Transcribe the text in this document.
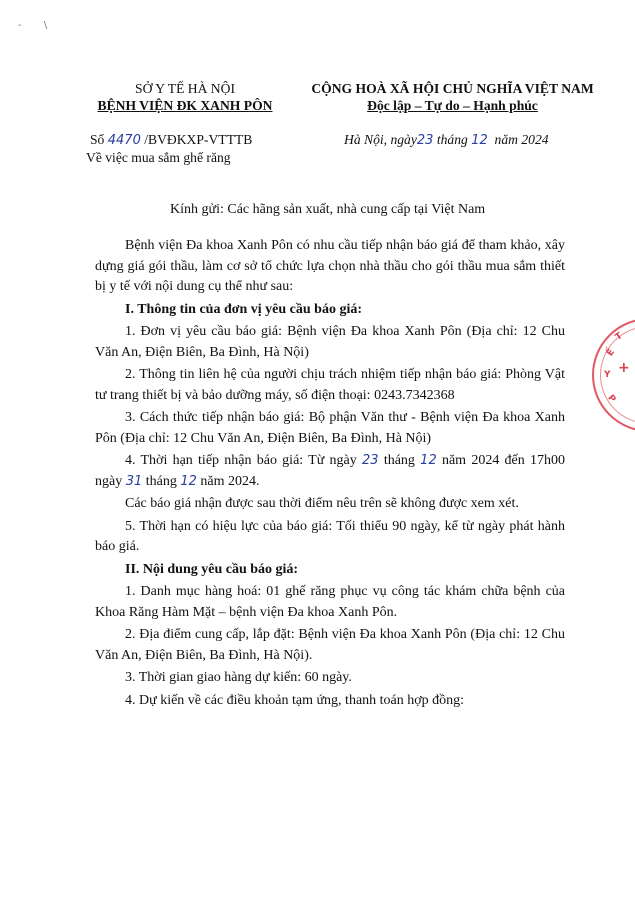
-       \
SỞ Y TẾ HÀ NỘI
BỆNH VIỆN ĐK XANH PÔN
CỘNG HOÀ XÃ HỘI CHỦ NGHĨA VIỆT NAM
Độc lập – Tự do – Hạnh phúc
Số 4470 /BVĐKXP-VTTTB
Về việc mua sắm ghế răng
Hà Nội, ngày23 tháng 12 năm 2024
Kính gửi: Các hãng sản xuất, nhà cung cấp tại Việt Nam
Bệnh viện Đa khoa Xanh Pôn có nhu cầu tiếp nhận báo giá để tham khảo, xây dựng giá gói thầu, làm cơ sở tổ chức lựa chọn nhà thầu cho gói thầu mua sắm thiết bị y tế với nội dung cụ thể như sau:
I. Thông tin của đơn vị yêu cầu báo giá:
1. Đơn vị yêu cầu báo giá: Bệnh viện Đa khoa Xanh Pôn (Địa chỉ: 12 Chu Văn An, Điện Biên, Ba Đình, Hà Nội)
2. Thông tin liên hệ của người chịu trách nhiệm tiếp nhận báo giá: Phòng Vật tư trang thiết bị và bảo dưỡng máy, số điện thoại: 0243.7342368
3. Cách thức tiếp nhận báo giá: Bộ phận Văn thư - Bệnh viện Đa khoa Xanh Pôn (Địa chỉ: 12 Chu Văn An, Điện Biên, Ba Đình, Hà Nội)
4. Thời hạn tiếp nhận báo giá: Từ ngày 23 tháng 12 năm 2024 đến 17h00 ngày 31 tháng 12 năm 2024.
Các báo giá nhận được sau thời điểm nêu trên sẽ không được xem xét.
5. Thời hạn có hiệu lực của báo giá: Tối thiểu 90 ngày, kể từ ngày phát hành báo giá.
II. Nội dung yêu cầu báo giá:
1. Danh mục hàng hoá: 01 ghế răng phục vụ công tác khám chữa bệnh của Khoa Răng Hàm Mặt – bệnh viện Đa khoa Xanh Pôn.
2. Địa điểm cung cấp, lắp đặt: Bệnh viện Đa khoa Xanh Pôn (Địa chỉ: 12 Chu Văn An, Điện Biên, Ba Đình, Hà Nội).
3. Thời gian giao hàng dự kiến: 60 ngày.
4. Dự kiến về các điều khoản tạm ứng, thanh toán hợp đồng:
T
Ế
Y
P
+
